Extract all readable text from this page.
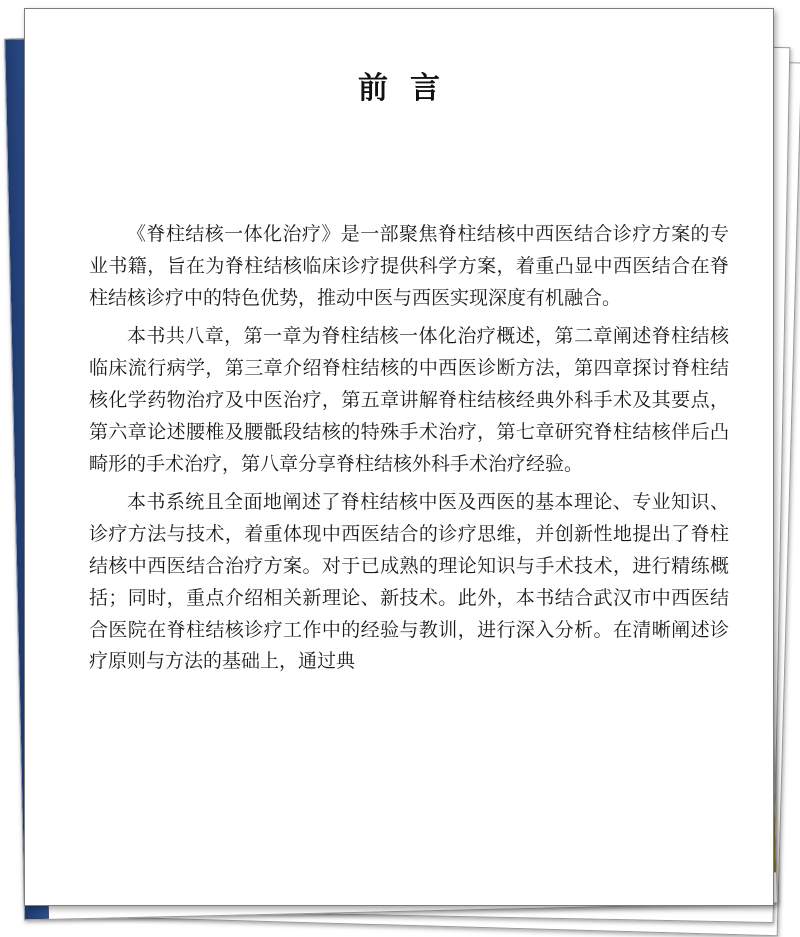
前言

《脊柱结核一体化治疗》是一部聚焦脊柱结核中西医结合诊疗方案的专业书籍，旨在为脊柱结核临床诊疗提供科学方案，着重凸显中西医结合在脊柱结核诊疗中的特色优势，推动中医与西医实现深度有机融合。

本书共八章，第一章为脊柱结核一体化治疗概述，第二章阐述脊柱结核临床流行病学，第三章介绍脊柱结核的中西医诊断方法，第四章探讨脊柱结核化学药物治疗及中医治疗，第五章讲解脊柱结核经典外科手术及其要点，第六章论述腰椎及腰骶段结核的特殊手术治疗，第七章研究脊柱结核伴后凸畸形的手术治疗，第八章分享脊柱结核外科手术治疗经验。

本书系统且全面地阐述了脊柱结核中医及西医的基本理论、专业知识、诊疗方法与技术，着重体现中西医结合的诊疗思维，并创新性地提出了脊柱结核中西医结合治疗方案。对于已成熟的理论知识与手术技术，进行精练概括；同时，重点介绍相关新理论、新技术。此外，本书结合武汉市中西医结合医院在脊柱结核诊疗工作中的经验与教训，进行深入分析。在清晰阐述诊疗原则与方法的基础上，通过典
